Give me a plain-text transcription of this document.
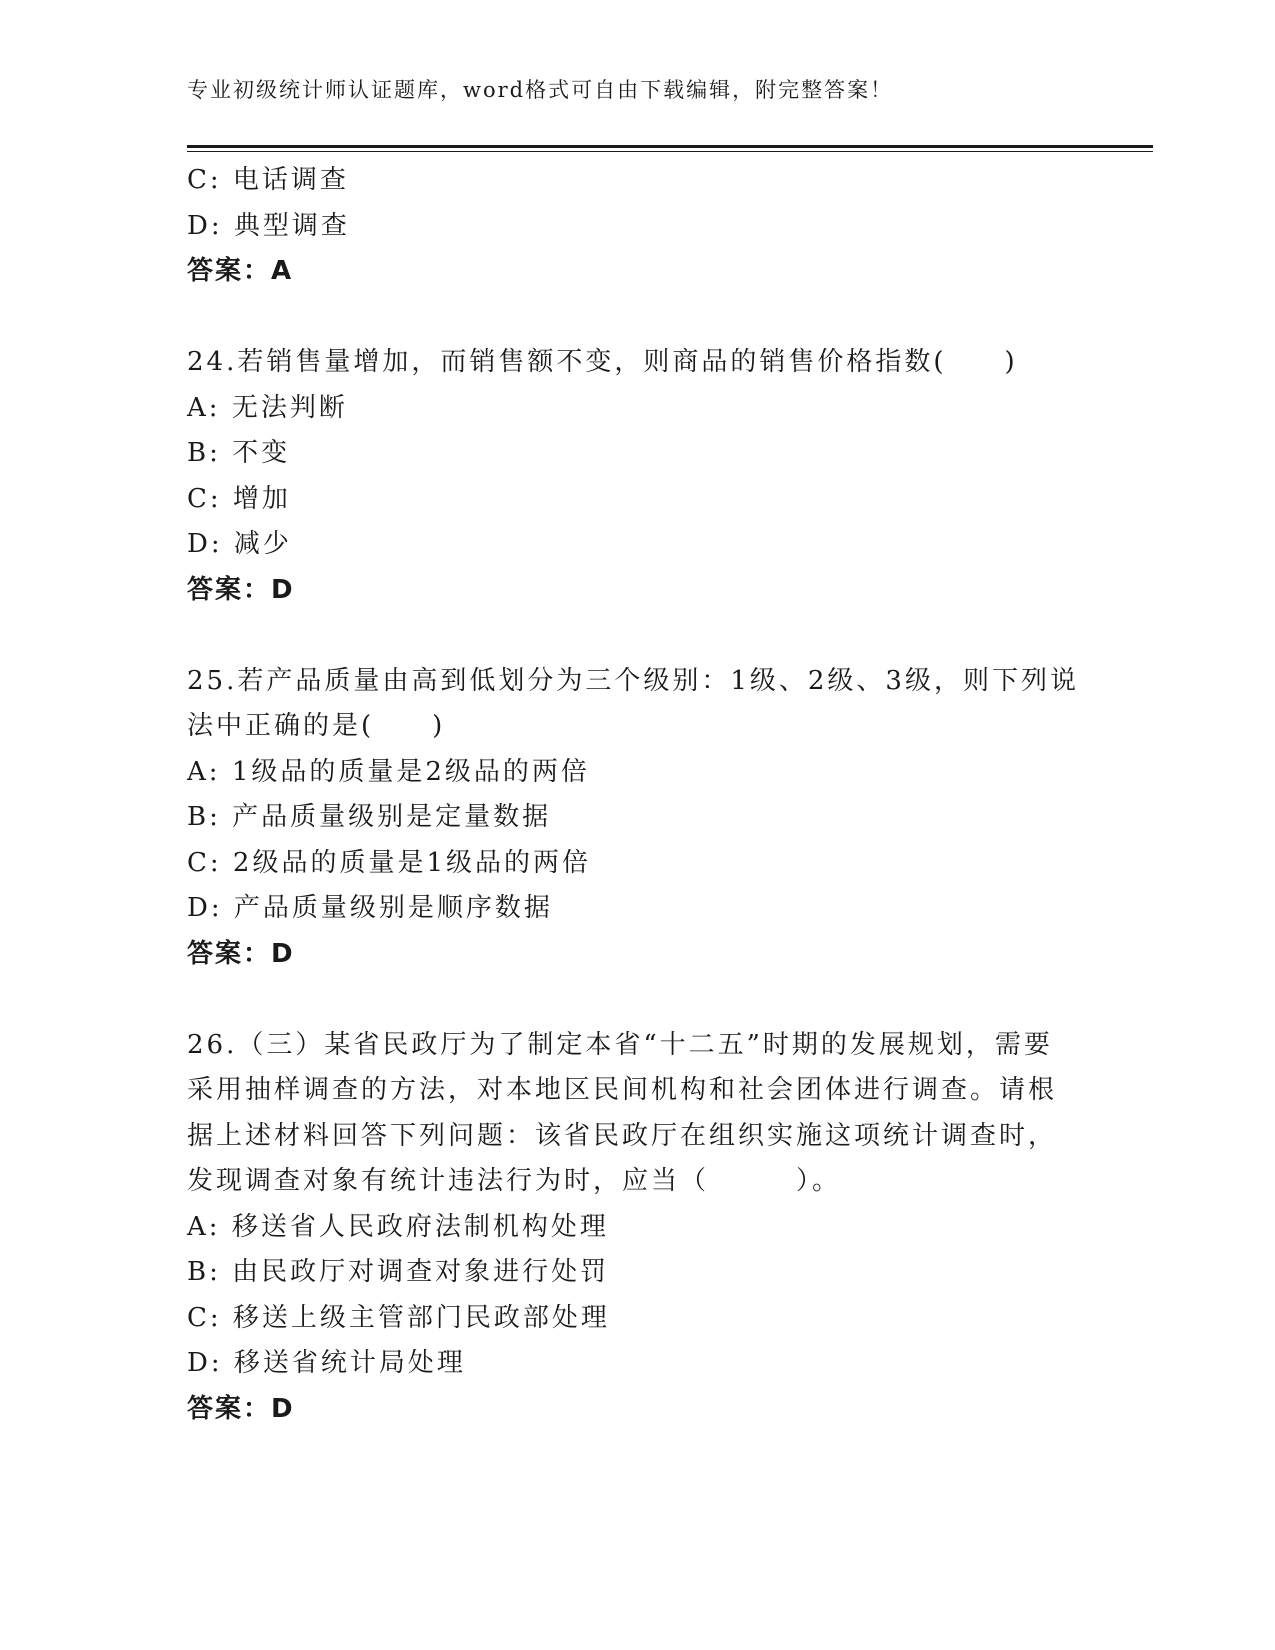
专业初级统计师认证题库，word格式可自由下载编辑，附完整答案！
C: 电话调查
D: 典型调查
答案：A
24.若销售量增加，而销售额不变，则商品的销售价格指数(　　)
A: 无法判断
B: 不变
C: 增加
D: 减少
答案：D
25.若产品质量由高到低划分为三个级别：1级、2级、3级，则下列说
法中正确的是(　　)
A: 1级品的质量是2级品的两倍
B: 产品质量级别是定量数据
C: 2级品的质量是1级品的两倍
D: 产品质量级别是顺序数据
答案：D
26.（三）某省民政厅为了制定本省“十二五”时期的发展规划，需要
采用抽样调查的方法，对本地区民间机构和社会团体进行调查。请根
据上述材料回答下列问题：该省民政厅在组织实施这项统计调查时，
发现调查对象有统计违法行为时，应当（　　　）。
A: 移送省人民政府法制机构处理
B: 由民政厅对调查对象进行处罚
C: 移送上级主管部门民政部处理
D: 移送省统计局处理
答案：D
